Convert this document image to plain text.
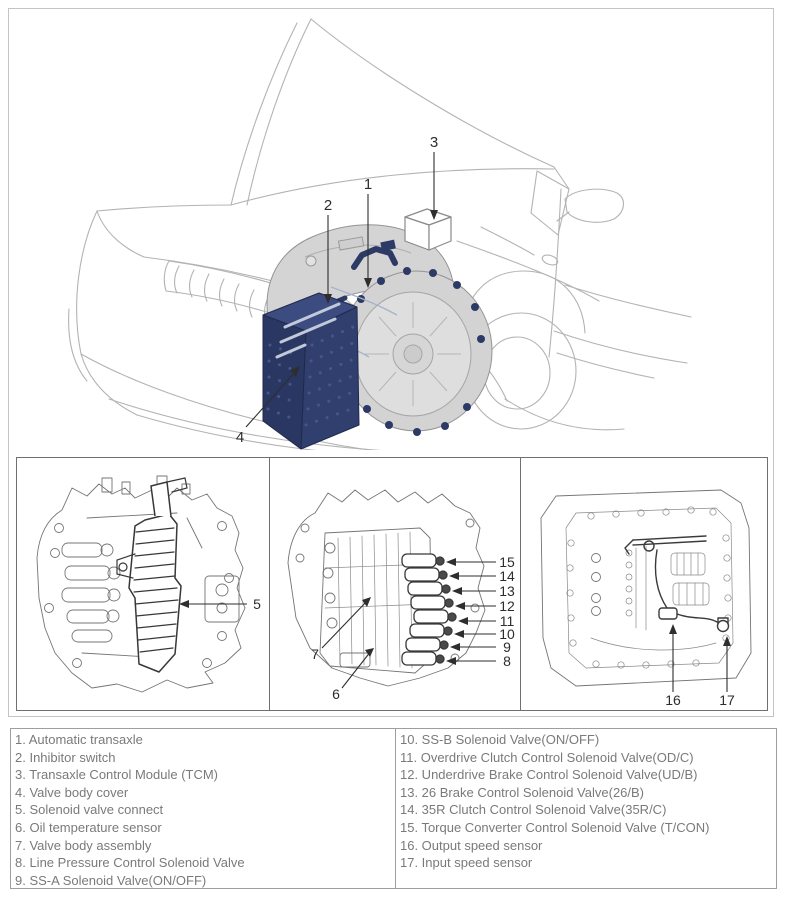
1
2
3
4
5
15
14
13
12
11
10
9
8
7
6	16	17
1. Automatic transaxle
2. Inhibitor switch
3. Transaxle Control Module (TCM)
4. Valve body cover
5. Solenoid valve connect
6. Oil temperature sensor
7. Valve body assembly
8. Line Pressure Control Solenoid Valve
9. SS-A Solenoid Valve(ON/OFF)
10. SS-B Solenoid Valve(ON/OFF)
11. Overdrive Clutch Control Solenoid Valve(OD/C)
12. Underdrive Brake Control Solenoid Valve(UD/B)
13. 26 Brake Control Solenoid Valve(26/B)
14. 35R Clutch Control Solenoid Valve(35R/C)
15. Torque Converter Control Solenoid Valve (T/CON)
16. Output speed sensor
17. Input speed sensor
